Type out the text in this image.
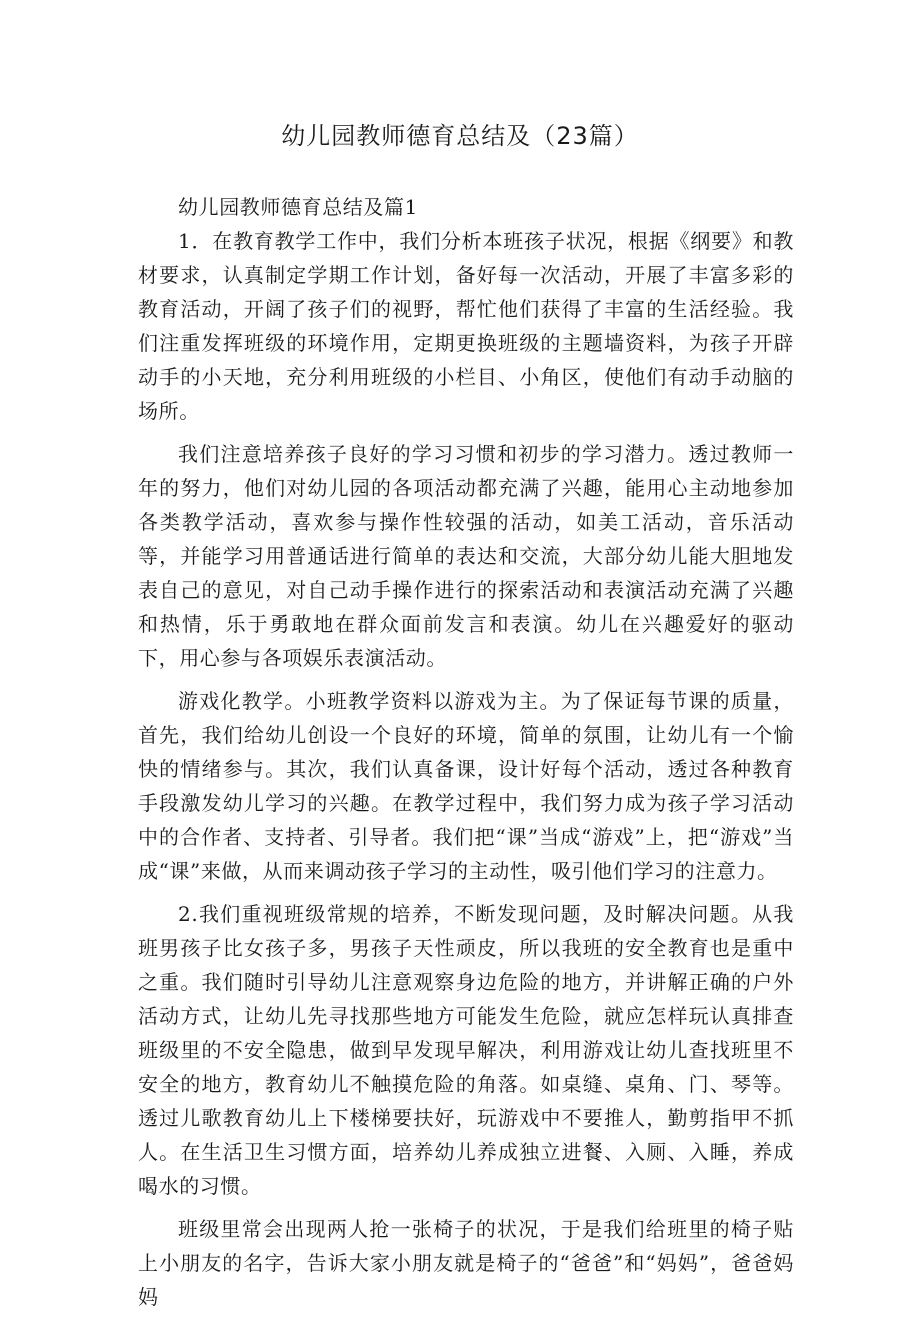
幼儿园教师德育总结及（23篇）

幼儿园教师德育总结及篇1

1．在教育教学工作中，我们分析本班孩子状况，根据《纲要》和教材要求，认真制定学期工作计划，备好每一次活动，开展了丰富多彩的教育活动，开阔了孩子们的视野，帮忙他们获得了丰富的生活经验。我们注重发挥班级的环境作用，定期更换班级的主题墙资料，为孩子开辟动手的小天地，充分利用班级的小栏目、小角区，使他们有动手动脑的场所。

我们注意培养孩子良好的学习习惯和初步的学习潜力。透过教师一年的努力，他们对幼儿园的各项活动都充满了兴趣，能用心主动地参加各类教学活动，喜欢参与操作性较强的活动，如美工活动，音乐活动等，并能学习用普通话进行简单的表达和交流，大部分幼儿能大胆地发表自己的意见，对自己动手操作进行的探索活动和表演活动充满了兴趣和热情，乐于勇敢地在群众面前发言和表演。幼儿在兴趣爱好的驱动下，用心参与各项娱乐表演活动。

游戏化教学。小班教学资料以游戏为主。为了保证每节课的质量，首先，我们给幼儿创设一个良好的环境，简单的氛围，让幼儿有一个愉快的情绪参与。其次，我们认真备课，设计好每个活动，透过各种教育手段激发幼儿学习的兴趣。在教学过程中，我们努力成为孩子学习活动中的合作者、支持者、引导者。我们把“课”当成“游戏”上，把“游戏”当成“课”来做，从而来调动孩子学习的主动性，吸引他们学习的注意力。

2.我们重视班级常规的培养，不断发现问题，及时解决问题。从我班男孩子比女孩子多，男孩子天性顽皮，所以我班的安全教育也是重中之重。我们随时引导幼儿注意观察身边危险的地方，并讲解正确的户外活动方式，让幼儿先寻找那些地方可能发生危险，就应怎样玩认真排查班级里的不安全隐患，做到早发现早解决，利用游戏让幼儿查找班里不安全的地方，教育幼儿不触摸危险的角落。如桌缝、桌角、门、琴等。透过儿歌教育幼儿上下楼梯要扶好，玩游戏中不要推人，勤剪指甲不抓人。在生活卫生习惯方面，培养幼儿养成独立进餐、入厕、入睡，养成喝水的习惯。

班级里常会出现两人抢一张椅子的状况，于是我们给班里的椅子贴上小朋友的名字，告诉大家小朋友就是椅子的“爸爸”和“妈妈”，爸爸妈妈
